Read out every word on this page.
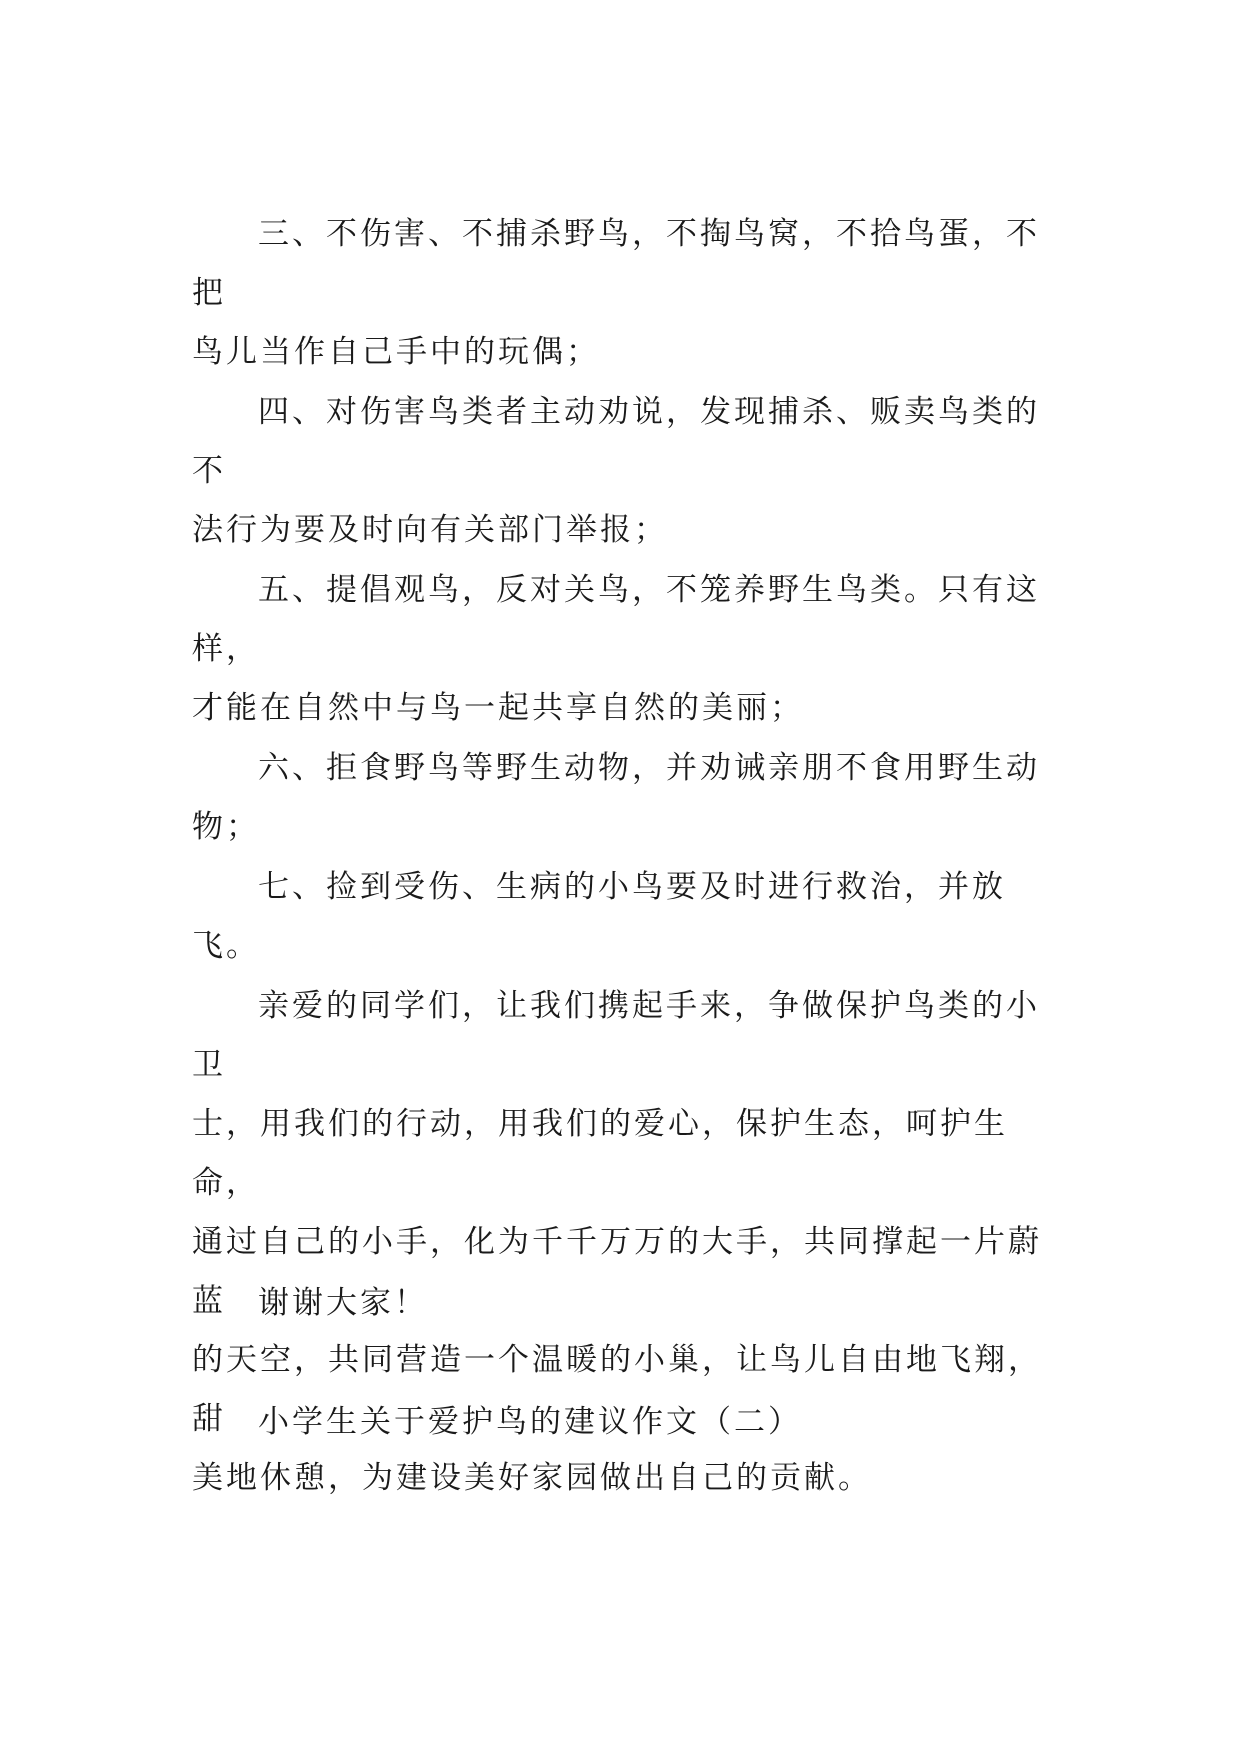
三、不伤害、不捕杀野鸟，不掏鸟窝，不拾鸟蛋，不把
鸟儿当作自己手中的玩偶；

四、对伤害鸟类者主动劝说，发现捕杀、贩卖鸟类的不
法行为要及时向有关部门举报；

五、提倡观鸟，反对关鸟，不笼养野生鸟类。只有这样，
才能在自然中与鸟一起共享自然的美丽；

六、拒食野鸟等野生动物，并劝诫亲朋不食用野生动物；

七、捡到受伤、生病的小鸟要及时进行救治，并放飞。

亲爱的同学们，让我们携起手来，争做保护鸟类的小卫
士，用我们的行动，用我们的爱心，保护生态，呵护生命，
通过自己的小手，化为千千万万的大手，共同撑起一片蔚蓝
的天空，共同营造一个温暖的小巢，让鸟儿自由地飞翔，甜
美地休憩，为建设美好家园做出自己的贡献。

谢谢大家！

小学生关于爱护鸟的建议作文（二）
